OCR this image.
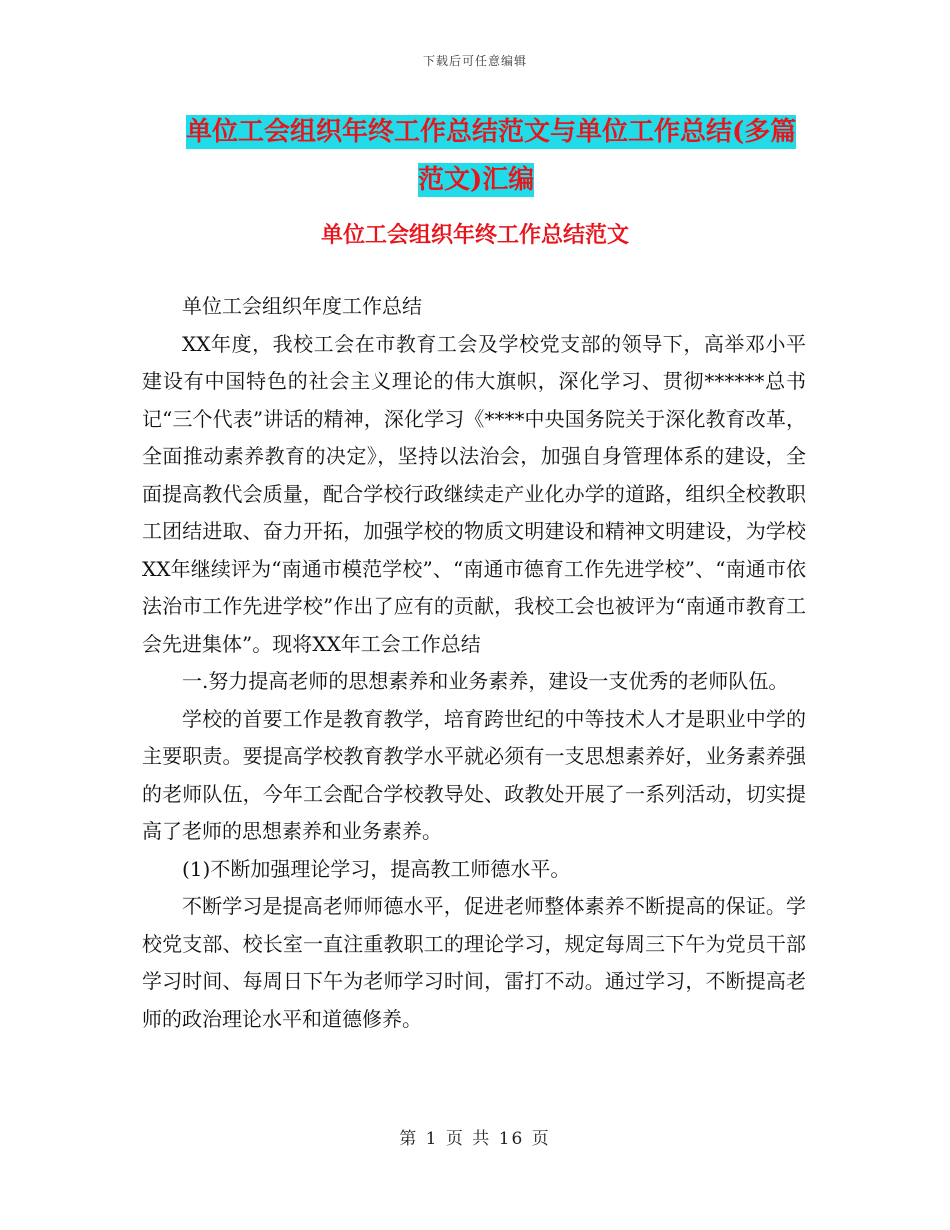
下载后可任意编辑
单位工会组织年终工作总结范文与单位工作总结(多篇
范文)汇编
单位工会组织年终工作总结范文

单位工会组织年度工作总结

XX年度，我校工会在市教育工会及学校党支部的领导下，高举邓小平建设有中国特色的社会主义理论的伟大旗帜，深化学习、贯彻******总书记“三个代表”讲话的精神，深化学习《****中央国务院关于深化教育改革，全面推动素养教育的决定》，坚持以法治会，加强自身管理体系的建设，全面提高教代会质量，配合学校行政继续走产业化办学的道路，组织全校教职工团结进取、奋力开拓，加强学校的物质文明建设和精神文明建设，为学校XX年继续评为“南通市模范学校”、“南通市德育工作先进学校”、“南通市依法治市工作先进学校”作出了应有的贡献，我校工会也被评为“南通市教育工会先进集体”。现将XX年工会工作总结

一.努力提高老师的思想素养和业务素养，建设一支优秀的老师队伍。

学校的首要工作是教育教学，培育跨世纪的中等技术人才是职业中学的主要职责。要提高学校教育教学水平就必须有一支思想素养好，业务素养强的老师队伍，今年工会配合学校教导处、政教处开展了一系列活动，切实提高了老师的思想素养和业务素养。

(1)不断加强理论学习，提高教工师德水平。

不断学习是提高老师师德水平，促进老师整体素养不断提高的保证。学校党支部、校长室一直注重教职工的理论学习，规定每周三下午为党员干部学习时间、每周日下午为老师学习时间，雷打不动。通过学习，不断提高老师的政治理论水平和道德修养。

第 1 页 共 16 页
